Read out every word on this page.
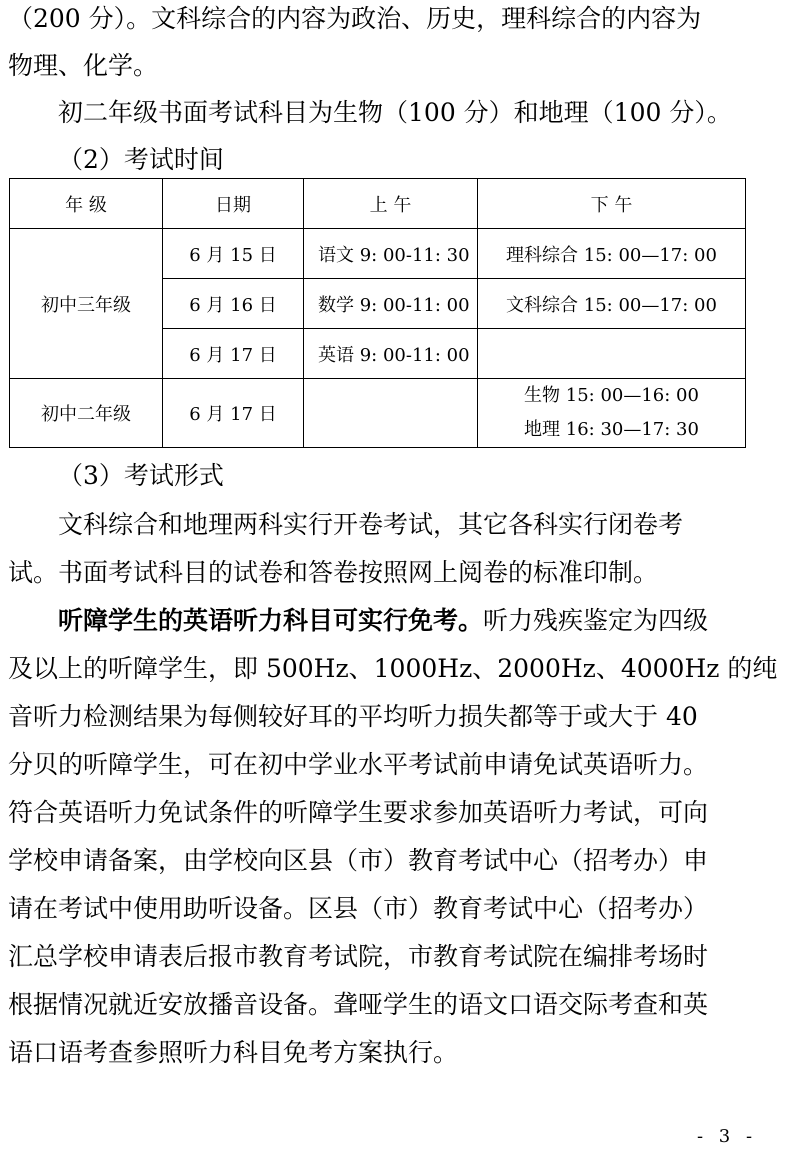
（200 分）。文科综合的内容为政治、历史，理科综合的内容为
物理、化学。
初二年级书面考试科目为生物（100 分）和地理（100 分）。
（2）考试时间
年 级	日期	上 午	下 午
初中三年级	6 月 15 日	语文 9: 00-11: 30	理科综合 15: 00—17: 00
	6 月 16 日	数学 9: 00-11: 00	文科综合 15: 00—17: 00
	6 月 17 日	英语 9: 00-11: 00	
初中二年级	6 月 17 日		生物 15: 00—16: 00
地理 16: 30—17: 30
（3）考试形式
文科综合和地理两科实行开卷考试，其它各科实行闭卷考
试。书面考试科目的试卷和答卷按照网上阅卷的标准印制。
听障学生的英语听力科目可实行免考。听力残疾鉴定为四级
及以上的听障学生，即 500Hz、1000Hz、2000Hz、4000Hz 的纯
音听力检测结果为每侧较好耳的平均听力损失都等于或大于 40
分贝的听障学生，可在初中学业水平考试前申请免试英语听力。
符合英语听力免试条件的听障学生要求参加英语听力考试，可向
学校申请备案，由学校向区县（市）教育考试中心（招考办）申
请在考试中使用助听设备。区县（市）教育考试中心（招考办）
汇总学校申请表后报市教育考试院，市教育考试院在编排考场时
根据情况就近安放播音设备。聋哑学生的语文口语交际考查和英
语口语考查参照听力科目免考方案执行。
- 3 -
